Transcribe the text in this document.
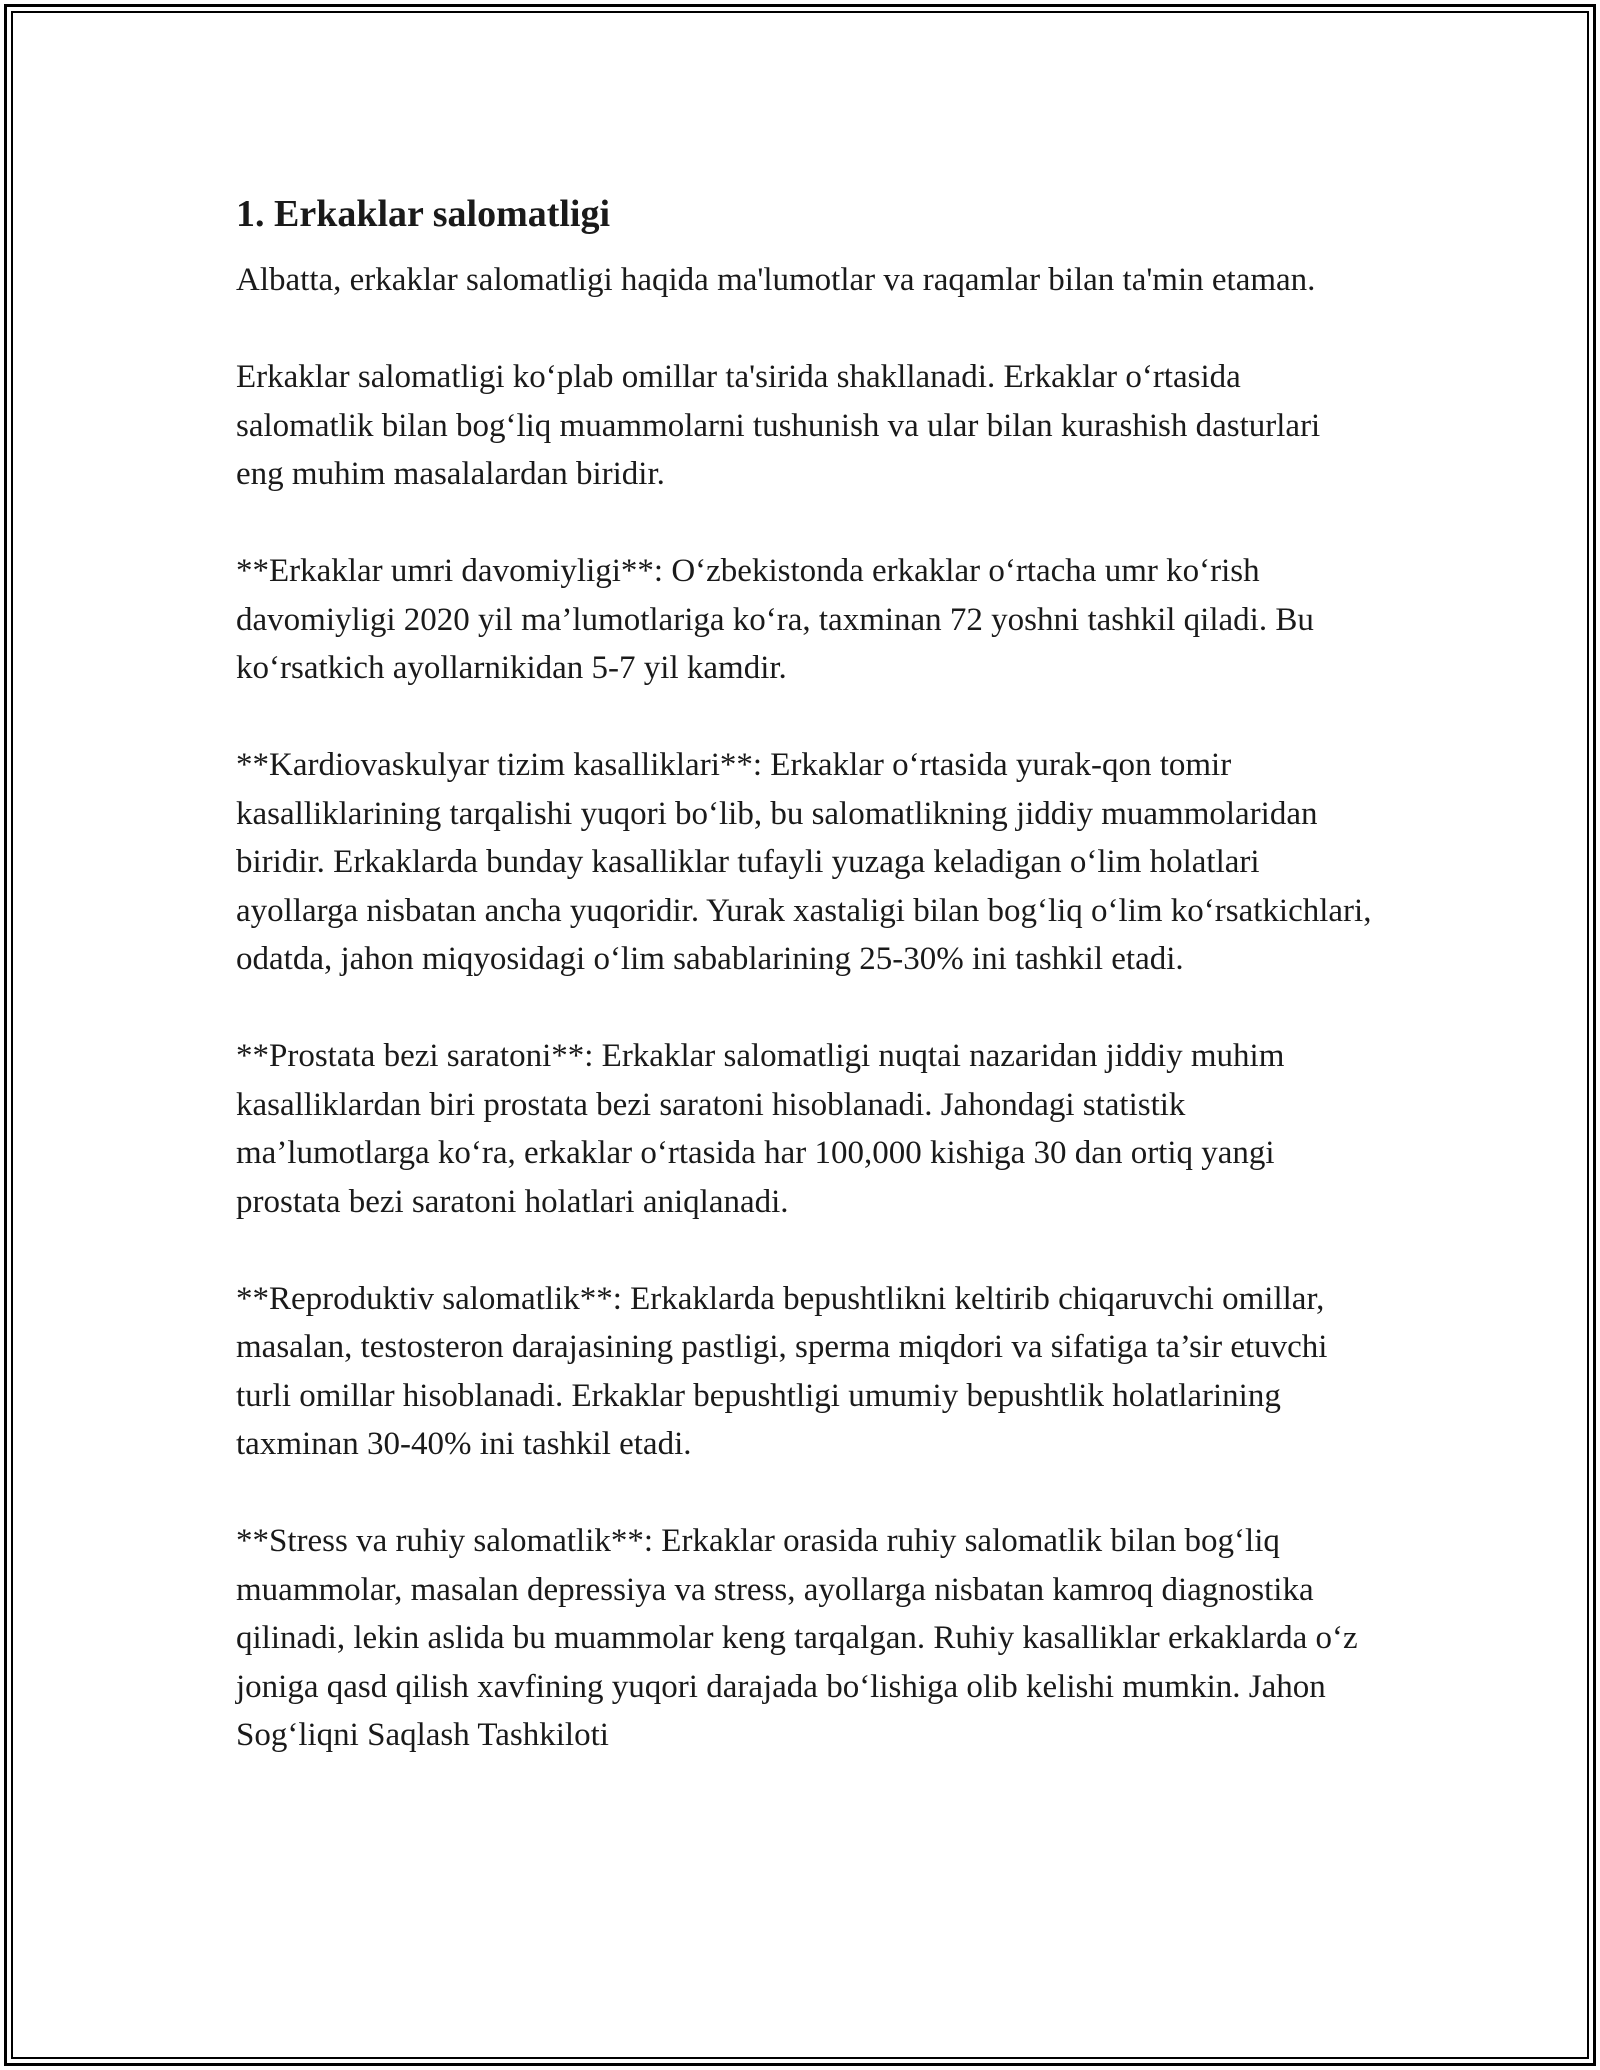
1. Erkaklar salomatligi

Albatta, erkaklar salomatligi haqida ma'lumotlar va raqamlar bilan ta'min etaman.

Erkaklar salomatligi ko‘plab omillar ta'sirida shakllanadi. Erkaklar o‘rtasida salomatlik bilan bog‘liq muammolarni tushunish va ular bilan kurashish dasturlari eng muhim masalalardan biridir.

**Erkaklar umri davomiyligi**: O‘zbekistonda erkaklar o‘rtacha umr ko‘rish davomiyligi 2020 yil ma’lumotlariga ko‘ra, taxminan 72 yoshni tashkil qiladi. Bu ko‘rsatkich ayollarnikidan 5-7 yil kamdir.

**Kardiovaskulyar tizim kasalliklari**: Erkaklar o‘rtasida yurak-qon tomir kasalliklarining tarqalishi yuqori bo‘lib, bu salomatlikning jiddiy muammolaridan biridir. Erkaklarda bunday kasalliklar tufayli yuzaga keladigan o‘lim holatlari ayollarga nisbatan ancha yuqoridir. Yurak xastaligi bilan bog‘liq o‘lim ko‘rsatkichlari, odatda, jahon miqyosidagi o‘lim sabablarining 25-30% ini tashkil etadi.

**Prostata bezi saratoni**: Erkaklar salomatligi nuqtai nazaridan jiddiy muhim kasalliklardan biri prostata bezi saratoni hisoblanadi. Jahondagi statistik ma’lumotlarga ko‘ra, erkaklar o‘rtasida har 100,000 kishiga 30 dan ortiq yangi prostata bezi saratoni holatlari aniqlanadi.

**Reproduktiv salomatlik**: Erkaklarda bepushtlikni keltirib chiqaruvchi omillar, masalan, testosteron darajasining pastligi, sperma miqdori va sifatiga ta’sir etuvchi turli omillar hisoblanadi. Erkaklar bepushtligi umumiy bepushtlik holatlarining taxminan 30-40% ini tashkil etadi.

**Stress va ruhiy salomatlik**: Erkaklar orasida ruhiy salomatlik bilan bog‘liq muammolar, masalan depressiya va stress, ayollarga nisbatan kamroq diagnostika qilinadi, lekin aslida bu muammolar keng tarqalgan. Ruhiy kasalliklar erkaklarda o‘z joniga qasd qilish xavfining yuqori darajada bo‘lishiga olib kelishi mumkin. Jahon Sog‘liqni Saqlash Tashkiloti
